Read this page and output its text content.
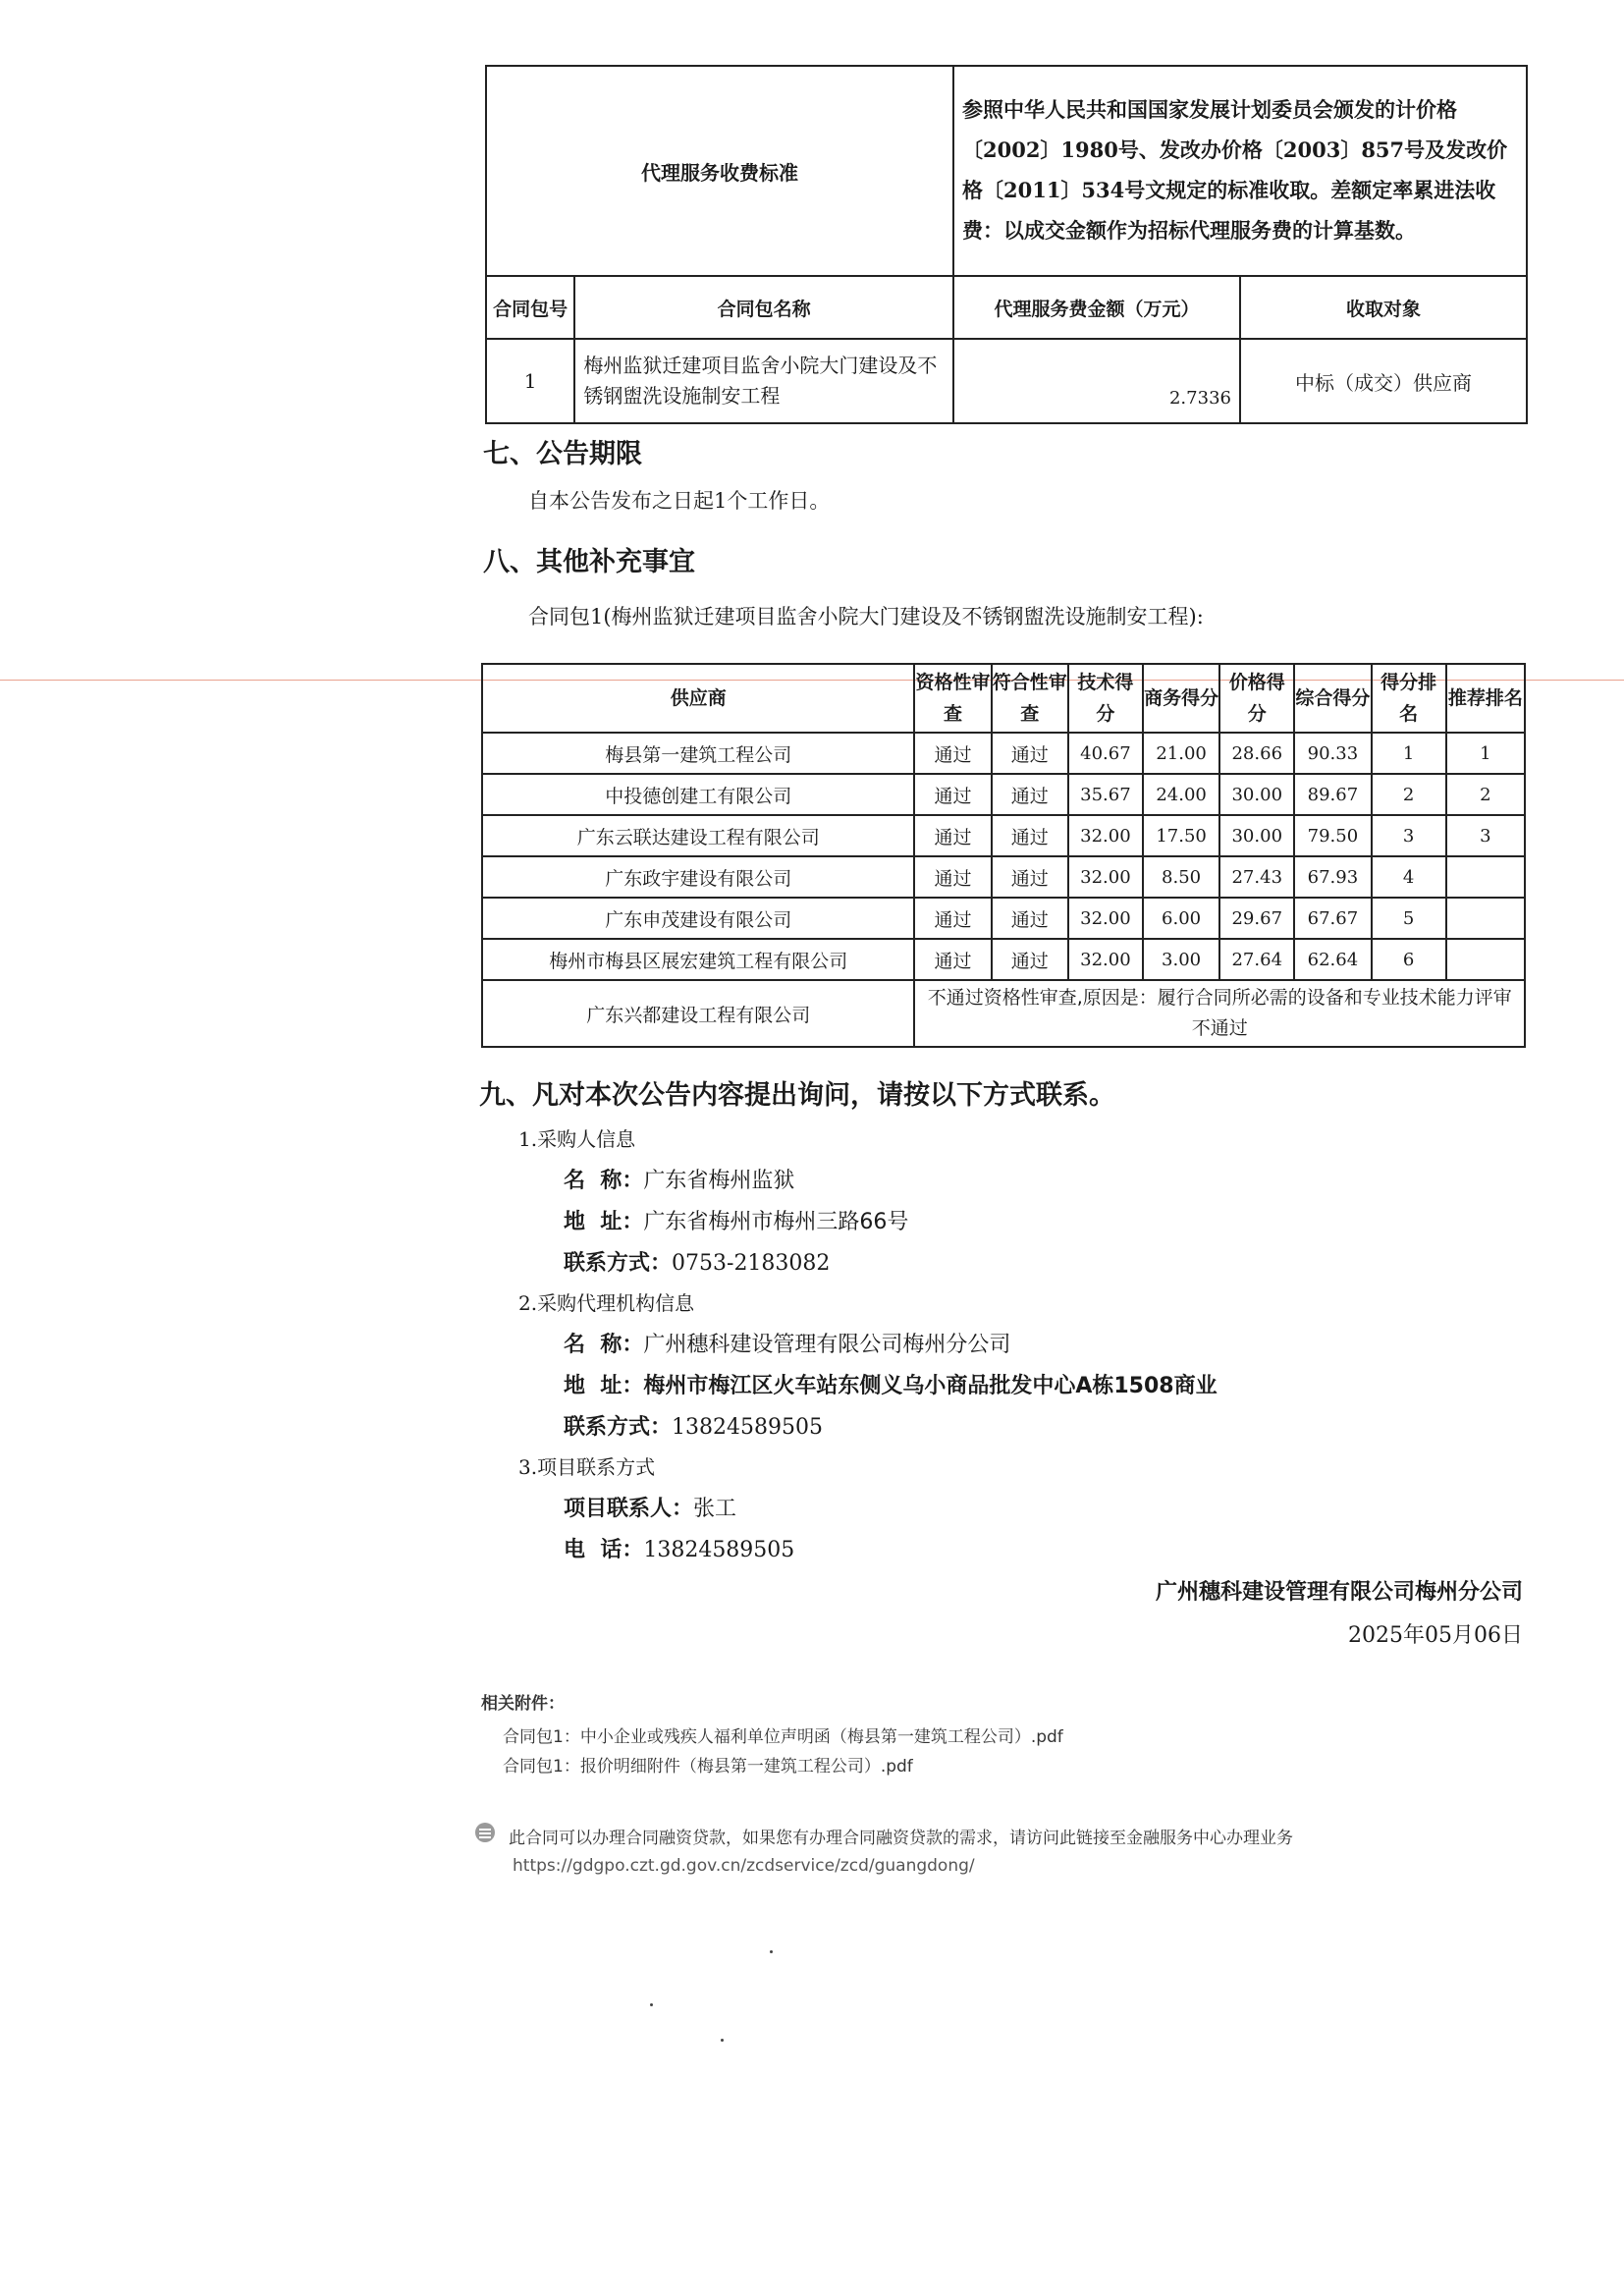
代理服务收费标准		参照中华人民共和国国家发展计划委员会颁发的计价格〔2002〕1980号、发改办价格〔2003〕857号及发改价格〔2011〕534号文规定的标准收取。差额定率累进法收费：以成交金额作为招标代理服务费的计算基数。	
合同包号	合同包名称	代理服务费金额（万元）	收取对象
1	梅州监狱迁建项目监舍小院大门建设及不锈钢盥洗设施制安工程	2.7336	中标（成交）供应商
七、公告期限
自本公告发布之日起1个工作日。
八、其他补充事宜
合同包1(梅州监狱迁建项目监舍小院大门建设及不锈钢盥洗设施制安工程):
供应商	资格性审查	符合性审查	技术得分	商务得分	价格得分	综合得分	得分排名	推荐排名
梅县第一建筑工程公司	通过	通过	40.67	21.00	28.66	90.33	1	1
中投德创建工有限公司	通过	通过	35.67	24.00	30.00	89.67	2	2
广东云联达建设工程有限公司	通过	通过	32.00	17.50	30.00	79.50	3	3
广东政宇建设有限公司	通过	通过	32.00	8.50	27.43	67.93	4	
广东申茂建设有限公司	通过	通过	32.00	6.00	29.67	67.67	5	
梅州市梅县区展宏建筑工程有限公司	通过	通过	32.00	3.00	27.64	62.64	6	
广东兴都建设工程有限公司	不通过资格性审查,原因是：履行合同所必需的设备和专业技术能力评审不通过							
九、凡对本次公告内容提出询问，请按以下方式联系。
1.采购人信息
名  称：广东省梅州监狱
地  址：广东省梅州市梅州三路66号
联系方式：0753-2183082
2.采购代理机构信息
名  称：广州穗科建设管理有限公司梅州分公司
地  址：梅州市梅江区火车站东侧义乌小商品批发中心A栋1508商业
联系方式：13824589505
3.项目联系方式
项目联系人：张工
电  话：13824589505
广州穗科建设管理有限公司梅州分公司
2025年05月06日
相关附件：
合同包1：中小企业或残疾人福利单位声明函（梅县第一建筑工程公司）.pdf
合同包1：报价明细附件（梅县第一建筑工程公司）.pdf
此合同可以办理合同融资贷款，如果您有办理合同融资贷款的需求，请访问此链接至金融服务中心办理业务
https://gdgpo.czt.gd.gov.cn/zcdservice/zcd/guangdong/
